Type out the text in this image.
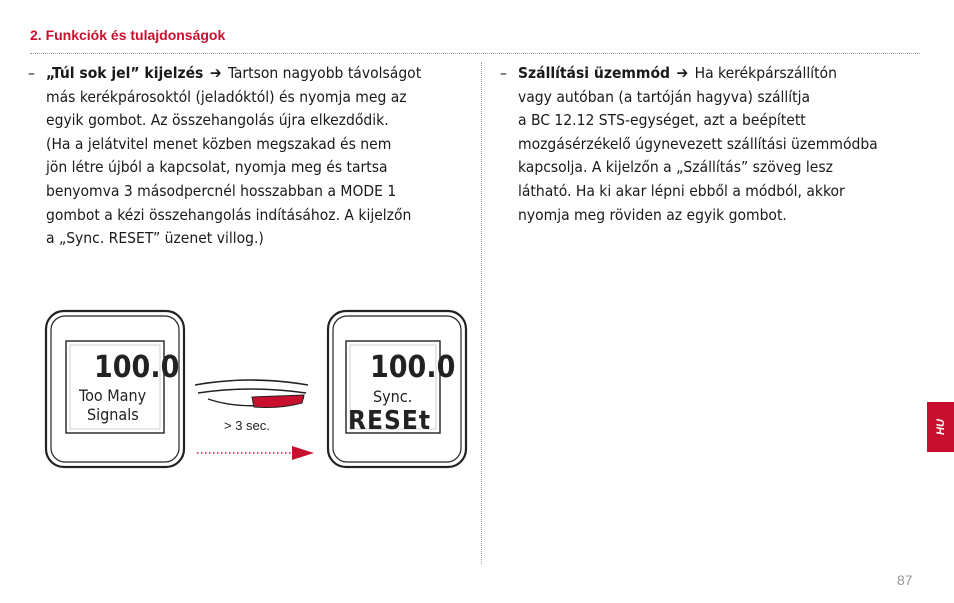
2. Funkciók és tulajdonságok
– „Túl sok jel” kijelzés ➔ Tartson nagyobb távolságot
más kerékpárosoktól (jeladóktól) és nyomja meg az
egyik gombot. Az összehangolás újra elkezdődik.
(Ha a jelátvitel menet közben megszakad és nem
jön létre újból a kapcsolat, nyomja meg és tartsa
benyomva 3 másodpercnél hosszabban a MODE 1
gombot a kézi összehangolás indításához. A kijelzőn
a „Sync. RESET” üzenet villog.)
– Szállítási üzemmód ➔ Ha kerékpárszállítón
vagy autóban (a tartóján hagyva) szállítja
a BC 12.12 STS-egységet, azt a beépített
mozgásérzékelő úgynevezett szállítási üzemmódba
kapcsolja. A kijelzőn a „Szállítás” szöveg lesz
látható. Ha ki akar lépni ebből a módból, akkor
nyomja meg röviden az egyik gombot.
100.0
Too Many
Signals
100.0
Sync.
RESEt
> 3 sec.	HU
87
